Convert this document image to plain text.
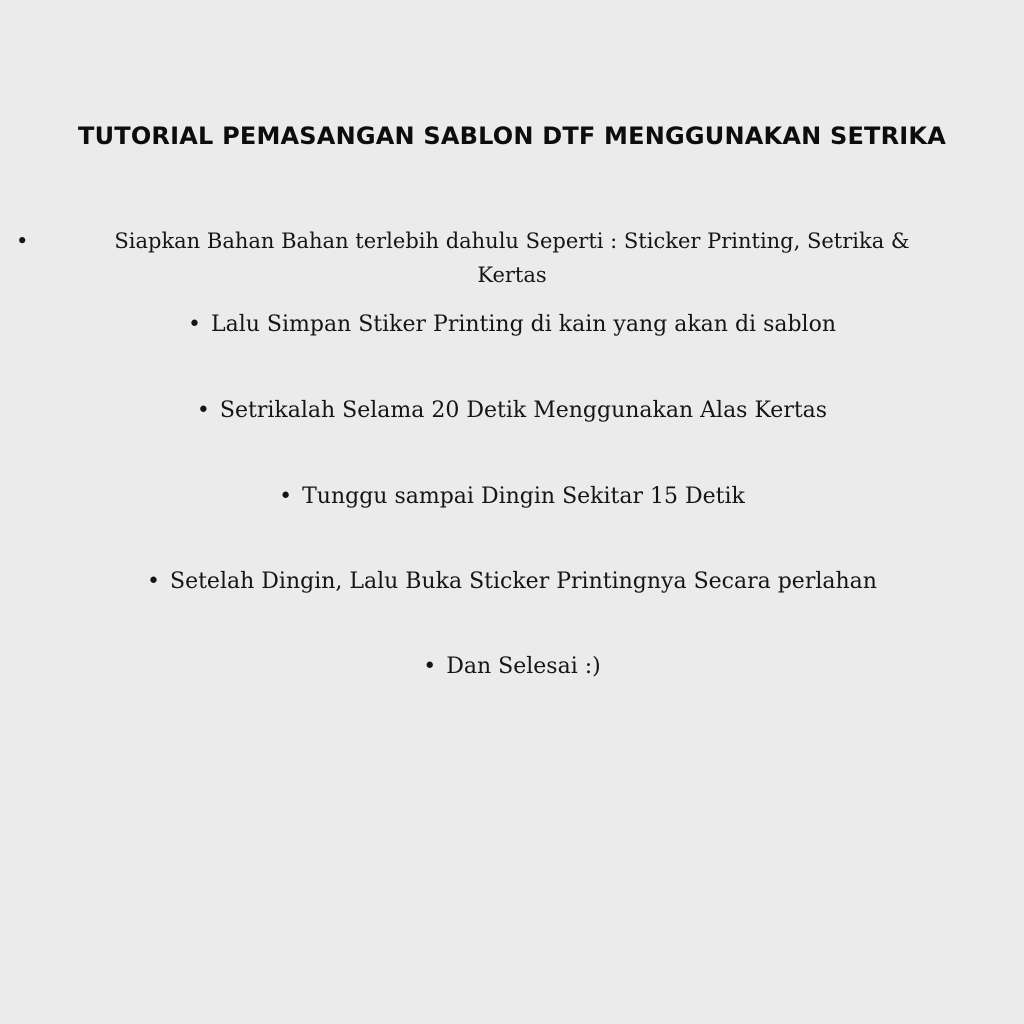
TUTORIAL PEMASANGAN SABLON DTF MENGGUNAKAN SETRIKA
•	Siapkan Bahan Bahan terlebih dahulu Seperti : Sticker Printing, Setrika &
Kertas
• Lalu Simpan Stiker Printing di kain yang akan di sablon
• Setrikalah Selama 20 Detik Menggunakan Alas Kertas
• Tunggu sampai Dingin Sekitar 15 Detik
• Setelah Dingin, Lalu Buka Sticker Printingnya Secara perlahan
• Dan Selesai :)
